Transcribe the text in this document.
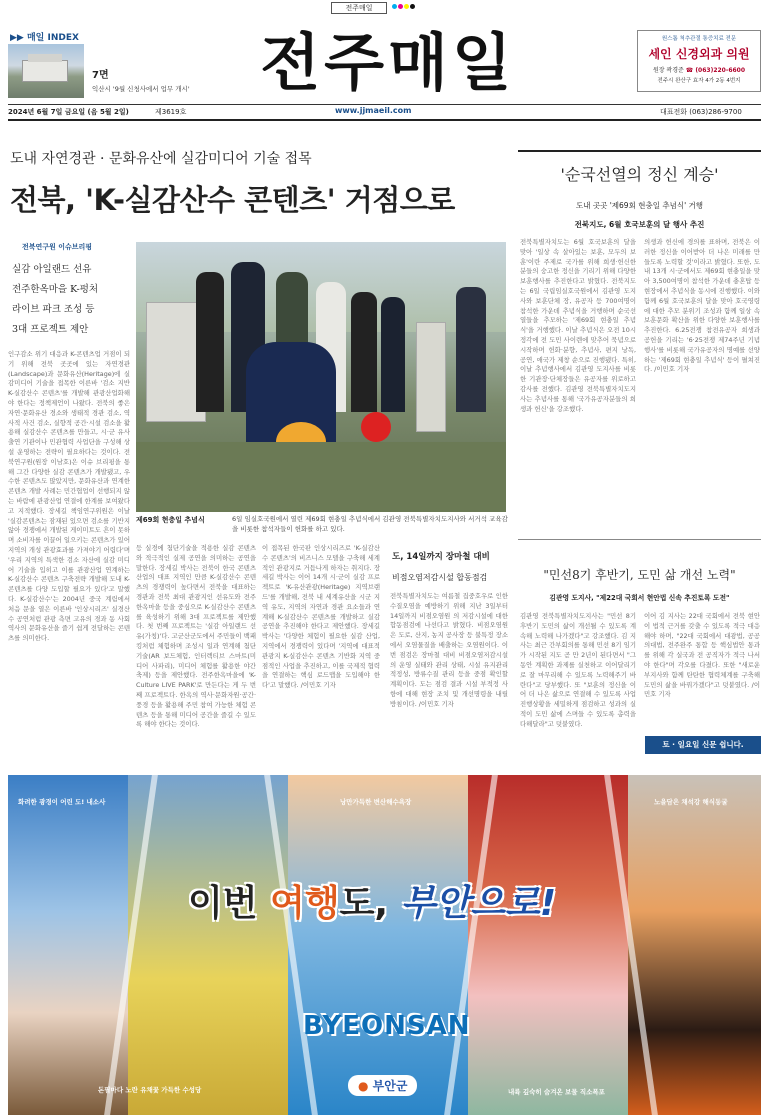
전주매일
▶▶ 매일 INDEX
7면
익산시 '9월 신청사에서 업무 개시' 전주매일	원스톱 척추관절 통증치료 전문
세인 신경외과 의원
원장 곽경준 ☎ (063)220-6600
전주시 완산구 효자 4가 2동 4번지
2024년 6월 7일 금요일 (음 5월 2일)	제3619호	www.jjmaeil.com	대표전화 (063)286-9700
도내 자연경관 · 문화유산에 실감미디어 기술 접목
전북, 'K-실감산수 콘텐츠' 거점으로
전북연구원 이슈브리핑
실감 아일랜드 선유
전주한옥마을 K-펑처
라이브 파크 조성 등
3대 프로젝트 제안
인구감소 위기 대응과 K-콘텐츠업 거점이 되기 위해 전북 곳곳에 있는 자연경관(Landscape)과 문화유산(Heritage)에 실감미디어 기술을 접목한 이른바 '검소 지반 K-실감산수 콘텐츠'를 개발해 관광산업화해야 한다는 정책제언이 나왔다. 전북의 좋은 자연·문화유산 경소와 생태적 경관 검소, 역사적 사건 검소, 실향적 공간·시설 검소을 활용해 실감산수 콘텐츠를 만들고, 시·군 유사 출연 기관이나 민관협력 사업단을 구성해 상설 운영하는 전략이 필요하다는 것이다. 전북연구원(원장 이남호)은 이슈 브리핑을 통해 그간 다양한 실감 콘텐츠가 개발됐고, 우수한 콘텐츠도 많았지만, 문화유산과 연계한 콘텐츠 개발 사례는 민간협업이 선행되지 않는 바람에 관광산업 연결에 한계를 보여왔다고 지적했다. 장세길 책임연구위원은 이날 '실감콘텐츠는 잠재된 있으면 검소를 기반지 않아 경쟁에서 개발된 게이미트도 흔이 못하며 소비자를 이끌어 일으키는 콘텐츠가 있어 지역의 개성 관광효과를 가져야기 어렵다'며 '우리 지역의 특색한 검소 자산에 실감 미디어 기술을 입히고 이를 관광산업 연계하는 K-실감산수 콘텐츠 구축전략 개발해 도내 K-콘텐츠를 다양 도입할 필요가 있다'고 말했다. K-실감산수'는 2004년 중국 계림에서 처음 문을 열은 이른바 '인상시리즈' 실경산수 공연처럼 관광 측면 고유의 경과 동 사회 역사의 문화유산을 즐기 쉽게 전달하는 콘텐츠를 의미한다.
제69회 현충일 추념식	6일 임실호국원에서 열린 제69회 현충일 추념식에서 김관영 전북특별자치도지사와 서거석 교육감을 비롯한 참석자들이 헌화를 하고 있다.
등 실경에 첨단기술을 적용한 실감 콘텐츠와 적극적인 실제 공연을 의미하는 공연을 말한다. 장세길 박사는 전북이 한국 콘텐츠산업의 대표 지역인 만큼 K-실감산수 콘텐츠의 경쟁력이 높다면서 전북을 대표하는 경관과 전북 최대 관광지인 선유도와 전주 한옥마을 등을 중심으로 K-실감산수 콘텐츠를 육성하기 위해 3대 프로젝트를 제안했다. 첫 번째 프로젝트는 '실감 아일랜드 선유(가칭)'다. 고군산군도에서 주민들이 백패킹처럼 체험하며 조성시 일과 연계해 첨단기술(AR 보드체험, 인터렉티브 스마트(미디어 사파리), 미디어 체험를 활용한 야간 축제) 등을 제안했다. 전주한옥마을에 'K-Culture LIVE PARK'로 만든다는 게 두 번째 프로젝트다. 한옥의 역사·문화자원·공간·풍경 등을 활용해 주민 참여 가능한 체험 콘텐츠 등을 통해 미디어 공간을 즐길 수 있도록 해야 한다는 것이다.
이 접목된 한국판 인상시리즈로 'K-실감산수 콘텐츠'의 비즈니스 모델을 구축해 세계적인 관광지로 거듭나게 하자는 취지다. 장세길 박사는 이어 14개 시·군이 실감 프로젝트로 'K-유산관광(Heritage) 지역브랜드'를 개발해, 전북 내 세계유산을 시군 지역 유도, 지역의 자연과 경관 요소들과 연계해 K-실감산수 콘텐츠를 개발하고 실감공연을 추진해야 한다고 제안했다. 장세길 박사는 '다양한 체험이 필요한 실감 산업, 지역에서 경쟁력이 있다며 '지역에 대표적 관광지 K-실감산수 콘텐츠 기반화 지역 중점적인 사업을 추진하고, 이를 국제적 협력을 연결하는 핵심 로드맵을 도입해야 한다'고 말했다. /이민호 기자
도, 14일까지 장마철 대비
비점오염저감시설 합동점검
전북특별자치도는 여름철 집중호우로 인한 수질오염을 예방하기 위해 지난 3일부터 14일까지 비점오염원 의 저감시설에 대한 합동점검에 나선다고 밝혔다. 비점오염원은 도로, 산지, 농지 공사장 등 불특정 장소에서 오염물질을 배출하는 오염원이다. 이번 점검은 장마철 대비 비점오염저감시설의 운영 실태와 관리 상태, 시설 유지관리 적정성, 방류수질 관리 등을 중점 확인할 계획이다. 도는 점검 결과 시설 부적정 사항에 대해 현장 조치 및 개선명령을 내릴 방침이다. /이민호 기자
'순국선열의 정신 계승'
도내 곳곳 '제69회 현충일 추념식' 거행
전북지도, 6월 호국보훈의 달 행사 추진
전북특별자치도는 6월 호국보훈의 달을 맞아 '일상 속 살아있는 보훈, 모두의 보훈'이란 주제로 국가를 위해 희생·헌신한 분들의 숭고한 정신을 기리기 위해 다양한 보훈행사를 추진한다고 밝혔다. 전북지도는 6일 국립임실호국원에서 김관영 도지사와 보훈단체 장, 유공자 등 700여명이 참석한 가운데 추념식을 거행하며 순국선열들을 추모하는 '제69회 현충일 추념식'을 거행했다. 이날 추념식은 오전 10시 정각에 전 도민 사이렌에 맞추어 묵념으로 시작하며 헌화·분향, 추념사, 편지 낭독, 공연, 애국가 제창 순으로 진행됐다. 특히, 이날 추념행사에서 김관영 도지사를 비롯한 기관장·단체장들은 유공자를 위로하고 감사를 전했다. 김관영 전북특별자치도지사는 추념사를 통해 '국가유공자분들의 희생과 헌신'을 강조했다.
의생과 헌신에 경의를 표하며, 전북은 이러한 정신을 이어받아 더 나은 미래를 만들도록 노력할 것'이라고 밝혔다. 또한, 도내 13개 시·군에서도 제69회 현충일을 맞아 3,500여명이 참석한 가운데 충혼탑 등 현장에서 추념식을 동시에 진행했다. 이와 함께 6월 호국보훈의 달을 맞아 호국영령에 대한 추모 분위기 조성과 함께 일상 속 보훈문화 확산을 위한 다양한 보훈행사를 추진한다. 6.25전쟁 참전유공자 희생과 공헌을 기리는 '6·25전쟁 제74주년 기념행사'를 비롯해 국가유공자의 명예를 선양하는 '제69회 현충일 추념식' 등이 펼쳐진다. /이민호 기자
"민선8기 후반기, 도민 삶 개선 노력"
김관영 도지사, "제22대 국회서 현안법 신속 추진토록 도전"
김관영 전북특별자치도지사는 "민선 8기 후반기 도민의 삶이 개선될 수 있도록 계속해 노력해 나가겠다"고 강조했다. 김 지사는 최근 간부회의를 통해 민선 8기 임기가 시작된 지도 곧 만 2년이 된다면서 "그동안 계획한 과제를 실천하고 이어달리기로 잘 마무리해 수 있도록 노력해주기 바란다"고 당부했다. 또 "보훈의 정신을 이어 더 나은 삶으로 연결해 수 있도록 사업 진행상황을 세밀하게 점검하고 성과의 실적이 도민 삶에 스며들 수 있도록 총력을 다해달라"고 덧붙였다.
이어 김 지사는 22대 국회에서 전북 현안이 법적 근거를 갖출 수 있도록 적극 대응해야 하며, "22대 국회에서 대광법, 공공의대법, 전주완주 통합 등 핵심법안 통과를 위해 각 실국과 전 공직자가 적극 나서야 한다"며 각오를 다졌다. 또한 "새로운 부지사와 함께 탄탄한 협력체계를 구축해 도민의 삶을 바꿔가겠다"고 덧붙였다. /이민호 기자
토 · 일요일 신문 쉽니다.
화려한 광경이 어린 도! 내소사	낭만가득한 변산해수욕장	노을담은 채석강 해식동굴
돈필마다 노란 유채꽃 가득한 수성당	내륙 깊숙히 숨겨온 보물 직소폭포
이번 여행도, 부안으로!
BYEONSAN
● 부안군
